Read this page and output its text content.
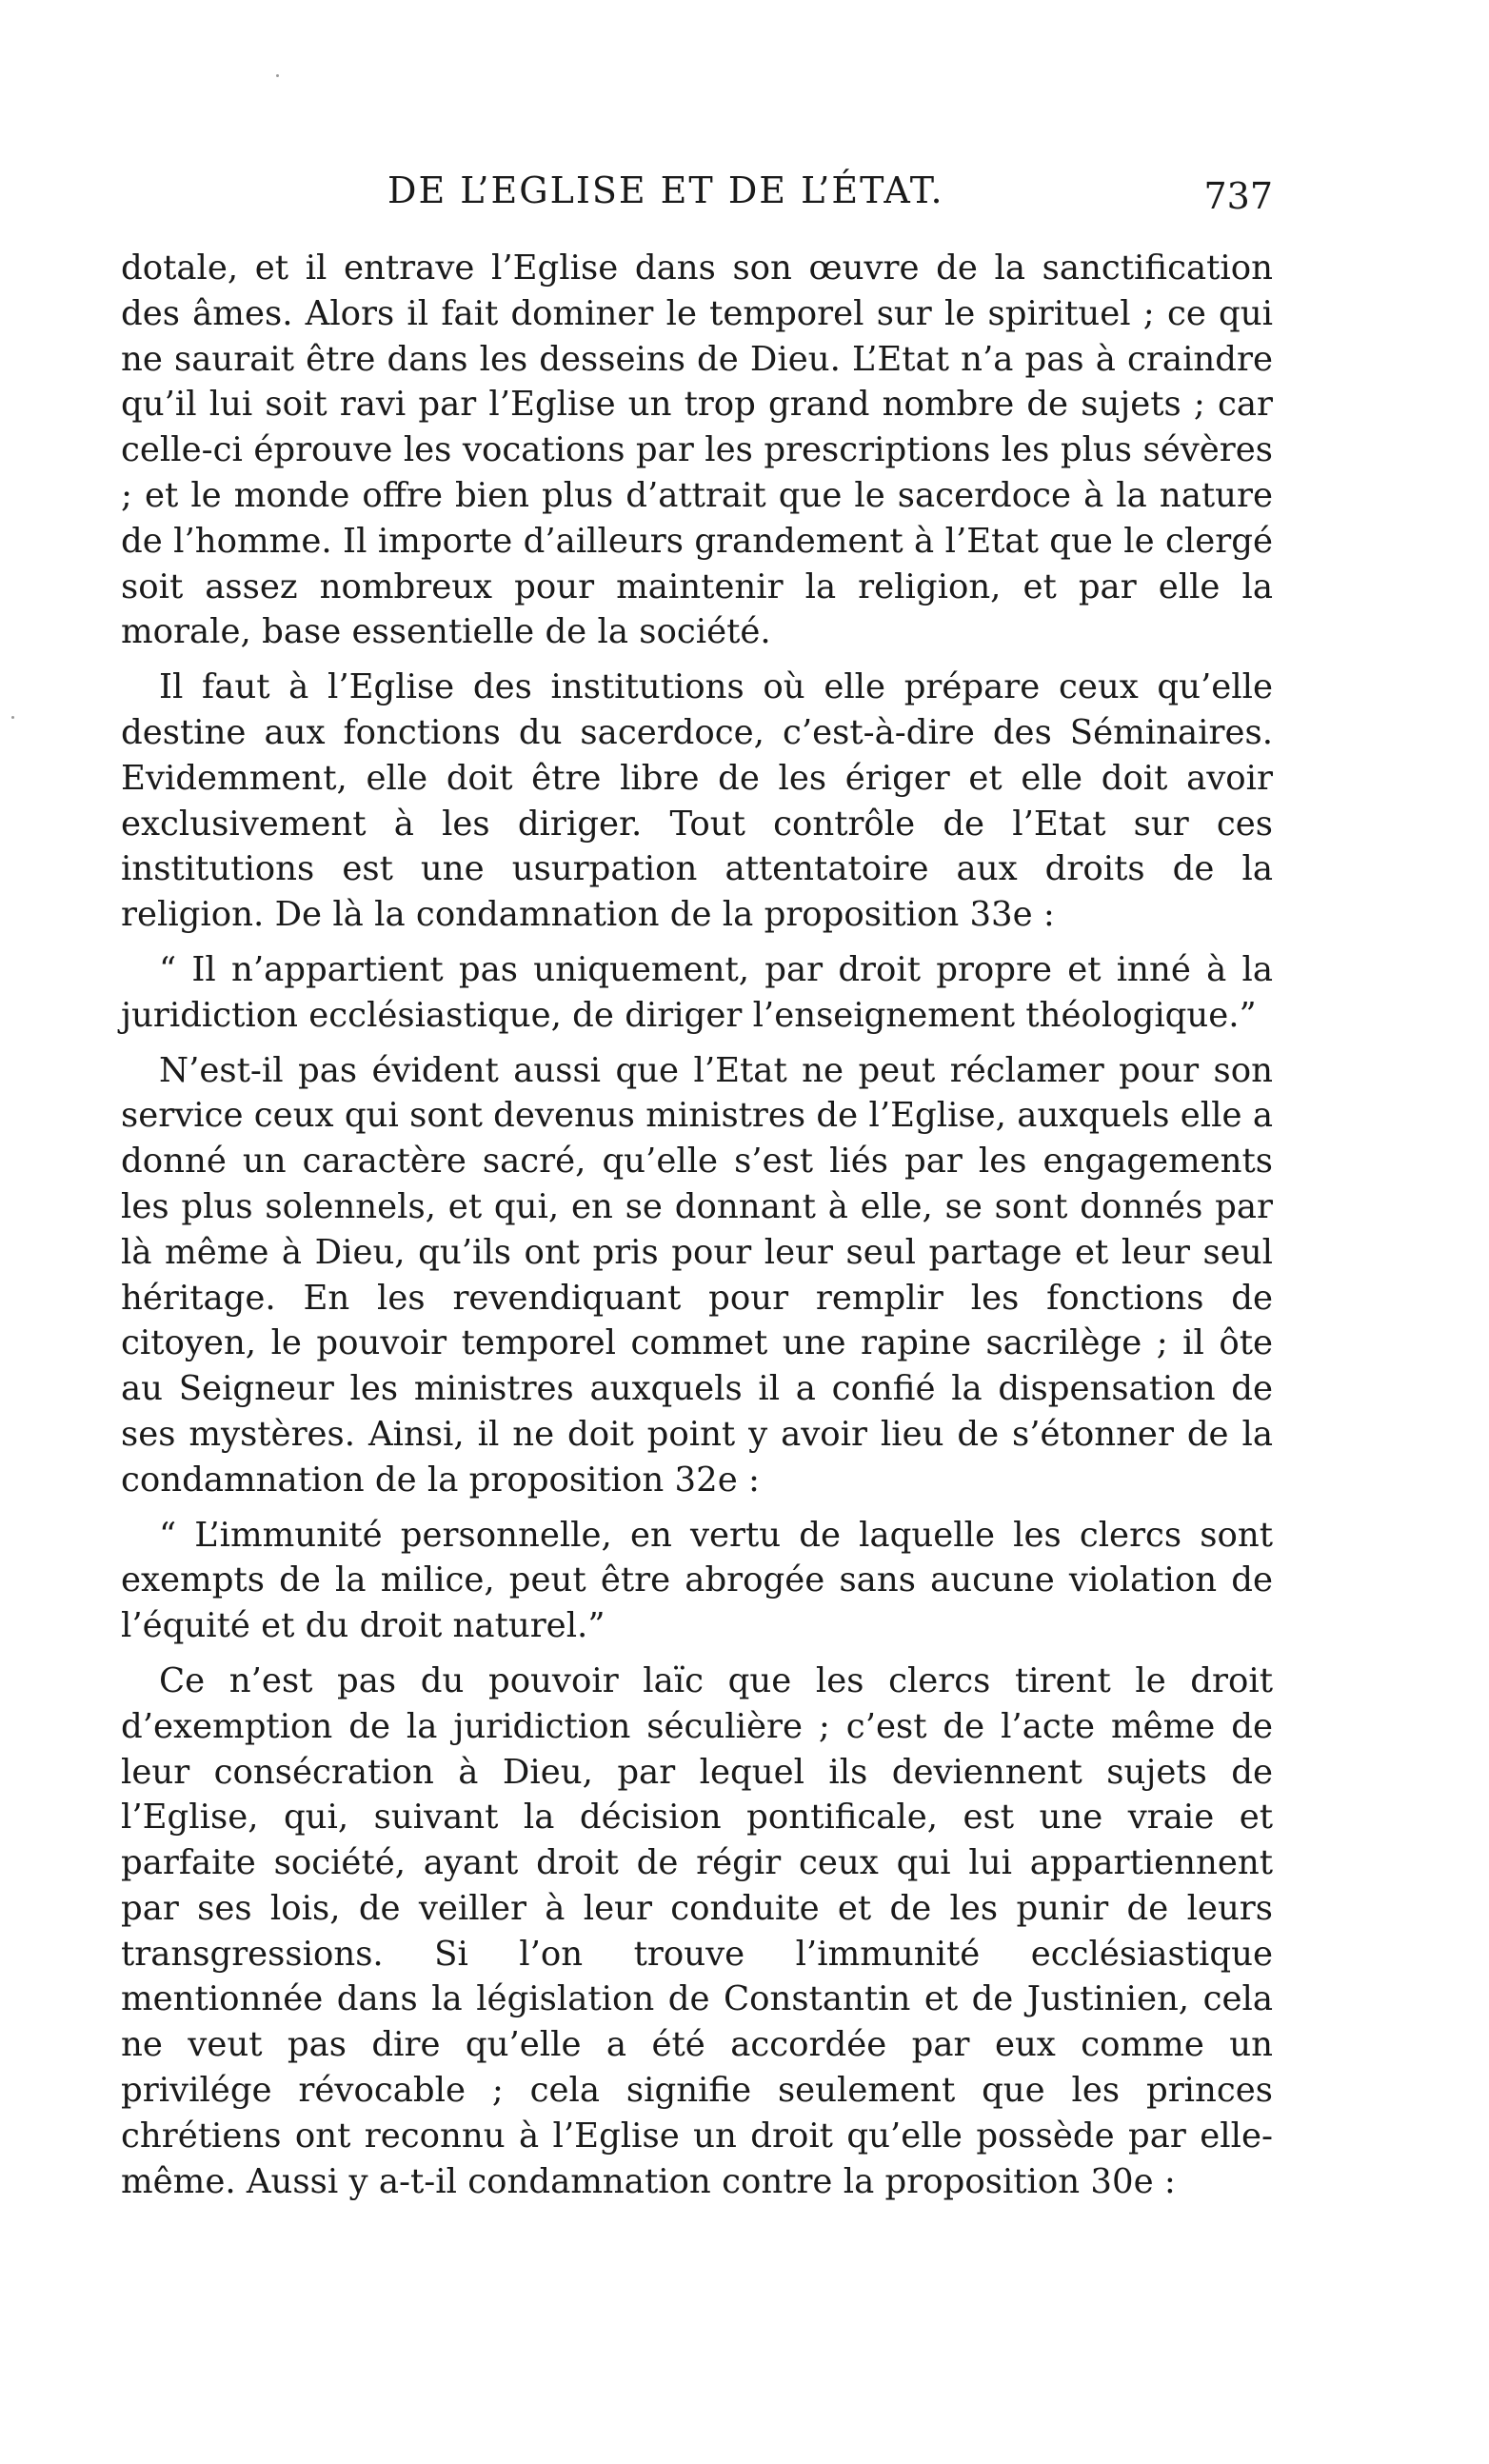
DE L’EGLISE ET DE L’ÉTAT.	737

dotale, et il entrave l’Eglise dans son œuvre de la sanctification des âmes. Alors il fait dominer le temporel sur le spirituel ; ce qui ne saurait être dans les desseins de Dieu. L’Etat n’a pas à craindre qu’il lui soit ravi par l’Eglise un trop grand nombre de sujets ; car celle-ci éprouve les vocations par les prescriptions les plus sévères ; et le monde offre bien plus d’attrait que le sacerdoce à la nature de l’homme. Il importe d’ailleurs grandement à l’Etat que le clergé soit assez nombreux pour maintenir la religion, et par elle la morale, base essentielle de la société.

Il faut à l’Eglise des institutions où elle prépare ceux qu’elle destine aux fonctions du sacerdoce, c’est-à-dire des Séminaires. Evidemment, elle doit être libre de les ériger et elle doit avoir exclusivement à les diriger. Tout contrôle de l’Etat sur ces institutions est une usurpation attentatoire aux droits de la religion. De là la condamnation de la proposition 33e :

“ Il n’appartient pas uniquement, par droit propre et inné à la juridiction ecclésiastique, de diriger l’enseignement théologique.”

N’est-il pas évident aussi que l’Etat ne peut réclamer pour son service ceux qui sont devenus ministres de l’Eglise, auxquels elle a donné un caractère sacré, qu’elle s’est liés par les engagements les plus solennels, et qui, en se donnant à elle, se sont donnés par là même à Dieu, qu’ils ont pris pour leur seul partage et leur seul héritage. En les revendiquant pour remplir les fonctions de citoyen, le pouvoir temporel commet une rapine sacrilège ; il ôte au Seigneur les ministres auxquels il a confié la dispensation de ses mystères. Ainsi, il ne doit point y avoir lieu de s’étonner de la condamnation de la proposition 32e :

“ L’immunité personnelle, en vertu de laquelle les clercs sont exempts de la milice, peut être abrogée sans aucune violation de l’équité et du droit naturel.”

Ce n’est pas du pouvoir laïc que les clercs tirent le droit d’exemption de la juridiction séculière ; c’est de l’acte même de leur consécration à Dieu, par lequel ils deviennent sujets de l’Eglise, qui, suivant la décision pontificale, est une vraie et parfaite société, ayant droit de régir ceux qui lui appartiennent par ses lois, de veiller à leur conduite et de les punir de leurs transgressions. Si l’on trouve l’immunité ecclésiastique mentionnée dans la législation de Constantin et de Justinien, cela ne veut pas dire qu’elle a été accordée par eux comme un privilége révocable ; cela signifie seulement que les princes chrétiens ont reconnu à l’Eglise un droit qu’elle possède par elle-même. Aussi y a-t-il condamnation contre la proposition 30e :
